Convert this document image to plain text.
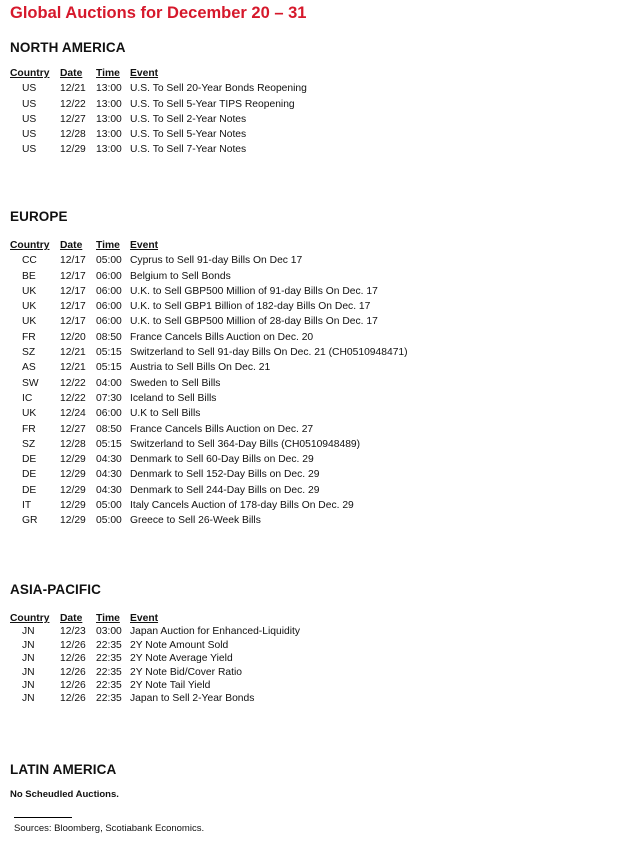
Global Auctions for December 20 – 31
NORTH AMERICA
Country	Date	Time Event
US	12/21 13:00 U.S. To Sell 20-Year Bonds Reopening
US	12/22 13:00 U.S. To Sell 5-Year TIPS Reopening
US	12/27 13:00 U.S. To Sell 2-Year Notes
US	12/28 13:00 U.S. To Sell 5-Year Notes
US	12/29 13:00 U.S. To Sell 7-Year Notes
EUROPE
Country	Date	Time Event
CC	12/17 05:00 Cyprus to Sell 91-day Bills On Dec 17
BE	12/17 06:00 Belgium to Sell Bonds
UK	12/17 06:00 U.K. to Sell GBP500 Million of 91-day Bills On Dec. 17
UK	12/17 06:00 U.K. to Sell GBP1 Billion of 182-day Bills On Dec. 17
UK	12/17 06:00 U.K. to Sell GBP500 Million of 28-day Bills On Dec. 17
FR	12/20 08:50 France Cancels Bills Auction on Dec. 20
SZ	12/21 05:15 Switzerland to Sell 91-day Bills On Dec. 21 (CH0510948471)
AS	12/21 05:15 Austria to Sell Bills On Dec. 21
SW	12/22 04:00 Sweden to Sell Bills
IC	12/22 07:30 Iceland to Sell Bills
UK	12/24 06:00 U.K to Sell Bills
FR	12/27 08:50 France Cancels Bills Auction on Dec. 27
SZ	12/28 05:15 Switzerland to Sell 364-Day Bills (CH0510948489)
DE	12/29 04:30 Denmark to Sell 60-Day Bills on Dec. 29
DE	12/29 04:30 Denmark to Sell 152-Day Bills on Dec. 29
DE	12/29 04:30 Denmark to Sell 244-Day Bills on Dec. 29
IT	12/29 05:00 Italy Cancels Auction of 178-day Bills On Dec. 29
GR	12/29 05:00 Greece to Sell 26-Week Bills
ASIA-PACIFIC
Country	Date	Time Event
JN	12/23 03:00 Japan Auction for Enhanced-Liquidity
JN	12/26 22:35 2Y Note Amount Sold
JN	12/26 22:35 2Y Note Average Yield
JN	12/26 22:35 2Y Note Bid/Cover Ratio
JN	12/26 22:35 2Y Note Tail Yield
JN	12/26 22:35 Japan to Sell 2-Year Bonds
LATIN AMERICA
No Scheudled Auctions.
Sources: Bloomberg, Scotiabank Economics.
